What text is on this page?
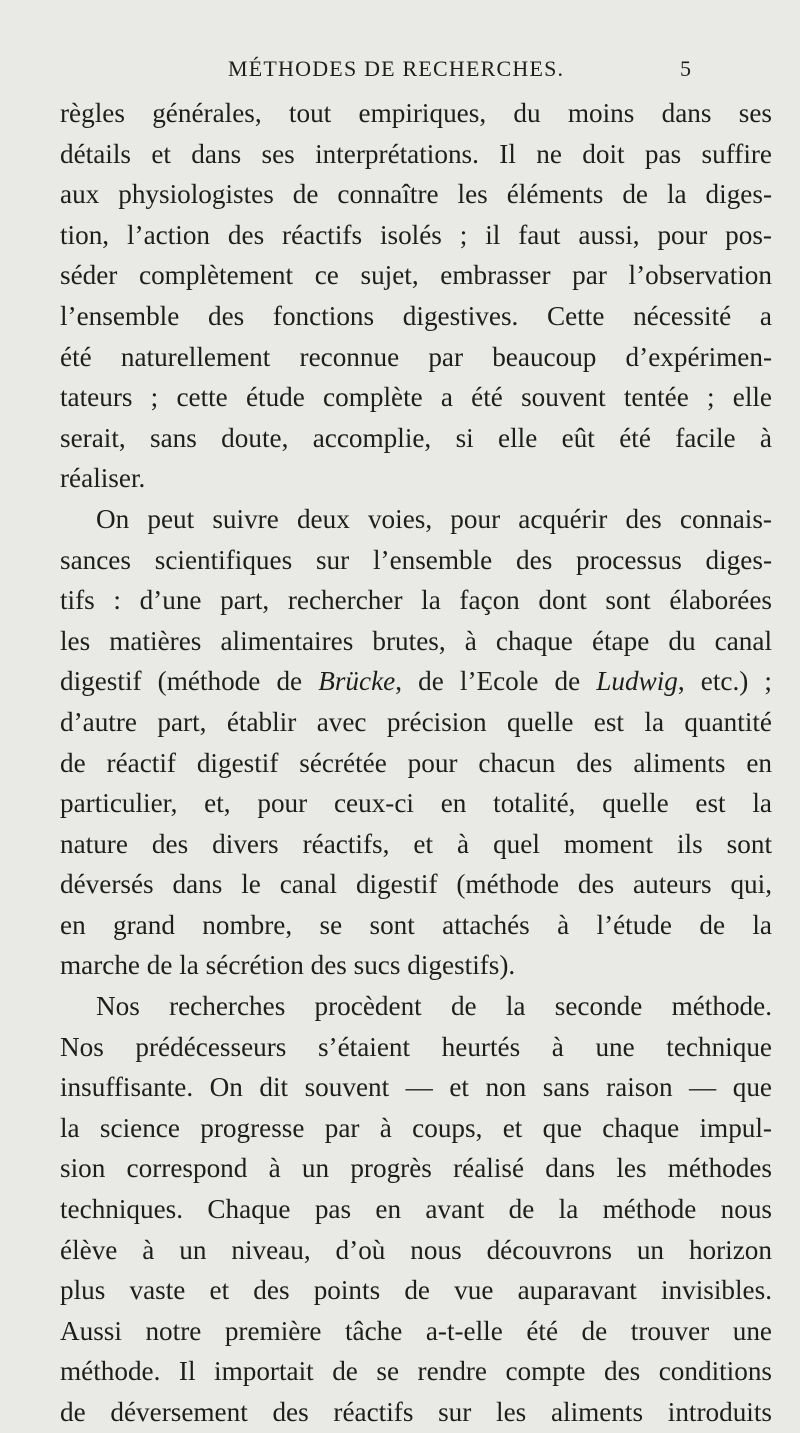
MÉTHODES DE RECHERCHES.	5

règles générales, tout empiriques, du moins dans ses
détails et dans ses interprétations. Il ne doit pas suffire
aux physiologistes de connaître les éléments de la diges-
tion, l’action des réactifs isolés ; il faut aussi, pour pos-
séder complètement ce sujet, embrasser par l’observation
l’ensemble des fonctions digestives. Cette nécessité a
été naturellement reconnue par beaucoup d’expérimen-
tateurs ; cette étude complète a été souvent tentée ; elle
serait, sans doute, accomplie, si elle eût été facile à
réaliser.

On peut suivre deux voies, pour acquérir des connais-
sances scientifiques sur l’ensemble des processus diges-
tifs : d’une part, rechercher la façon dont sont élaborées
les matières alimentaires brutes, à chaque étape du canal
digestif (méthode de Brücke, de l’Ecole de Ludwig, etc.) ;
d’autre part, établir avec précision quelle est la quantité
de réactif digestif sécrétée pour chacun des aliments en
particulier, et, pour ceux-ci en totalité, quelle est la
nature des divers réactifs, et à quel moment ils sont
déversés dans le canal digestif (méthode des auteurs qui,
en grand nombre, se sont attachés à l’étude de la
marche de la sécrétion des sucs digestifs).

Nos recherches procèdent de la seconde méthode.
Nos prédécesseurs s’étaient heurtés à une technique
insuffisante. On dit souvent — et non sans raison — que
la science progresse par à coups, et que chaque impul-
sion correspond à un progrès réalisé dans les méthodes
techniques. Chaque pas en avant de la méthode nous
élève à un niveau, d’où nous découvrons un horizon
plus vaste et des points de vue auparavant invisibles.
Aussi notre première tâche a-t-elle été de trouver une
méthode. Il importait de se rendre compte des conditions
de déversement des réactifs sur les aliments introduits
